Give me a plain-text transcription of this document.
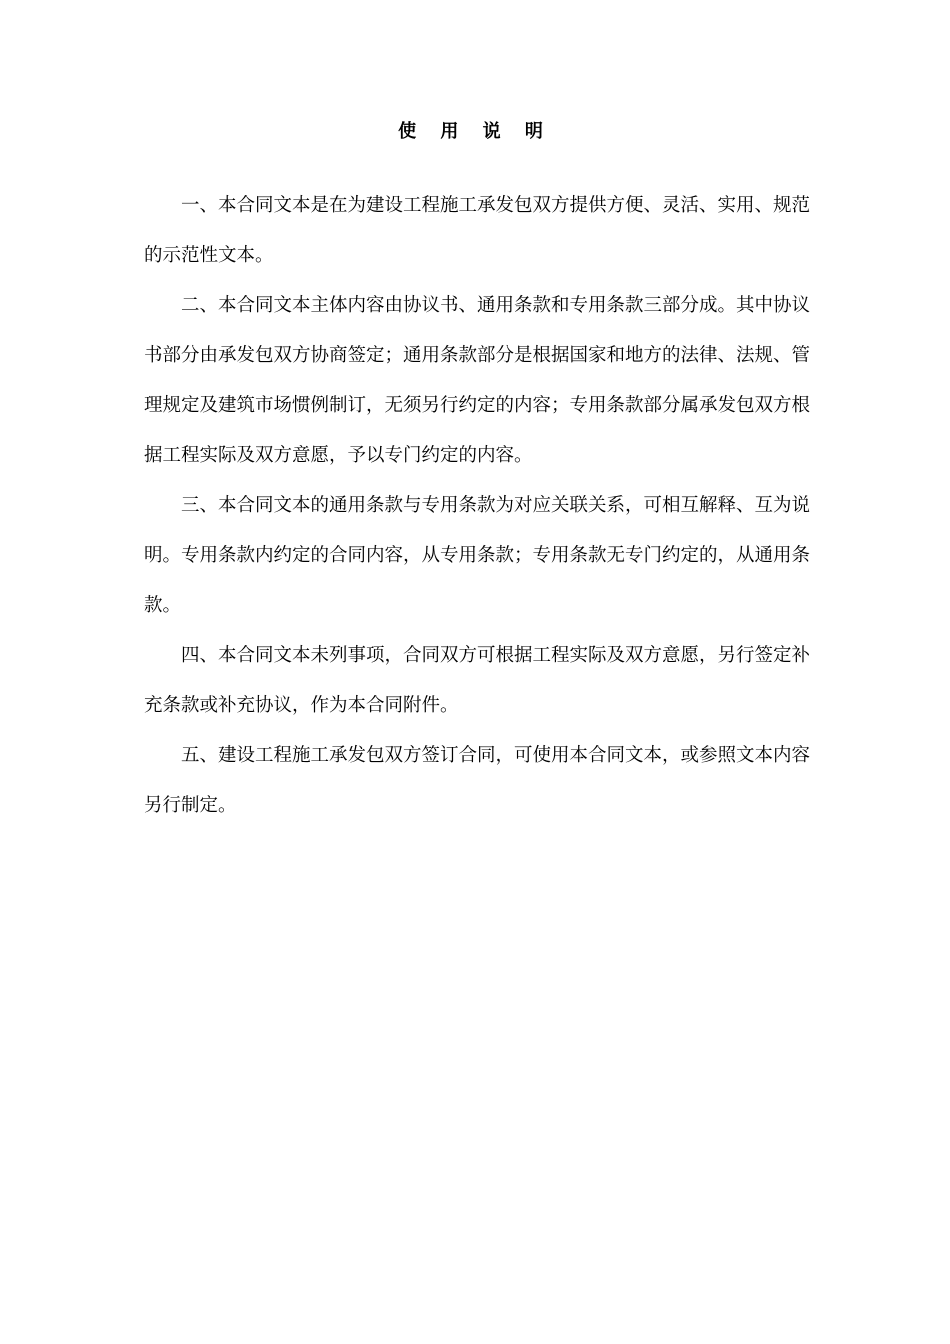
使 用 说 明

一、本合同文本是在为建设工程施工承发包双方提供方便、灵活、实用、规范的示范性文本。

二、本合同文本主体内容由协议书、通用条款和专用条款三部分成。其中协议书部分由承发包双方协商签定；通用条款部分是根据国家和地方的法律、法规、管理规定及建筑市场惯例制订，无须另行约定的内容；专用条款部分属承发包双方根据工程实际及双方意愿，予以专门约定的内容。

三、本合同文本的通用条款与专用条款为对应关联关系，可相互解释、互为说明。专用条款内约定的合同内容，从专用条款；专用条款无专门约定的，从通用条款。

四、本合同文本未列事项，合同双方可根据工程实际及双方意愿，另行签定补充条款或补充协议，作为本合同附件。

五、建设工程施工承发包双方签订合同，可使用本合同文本，或参照文本内容另行制定。
